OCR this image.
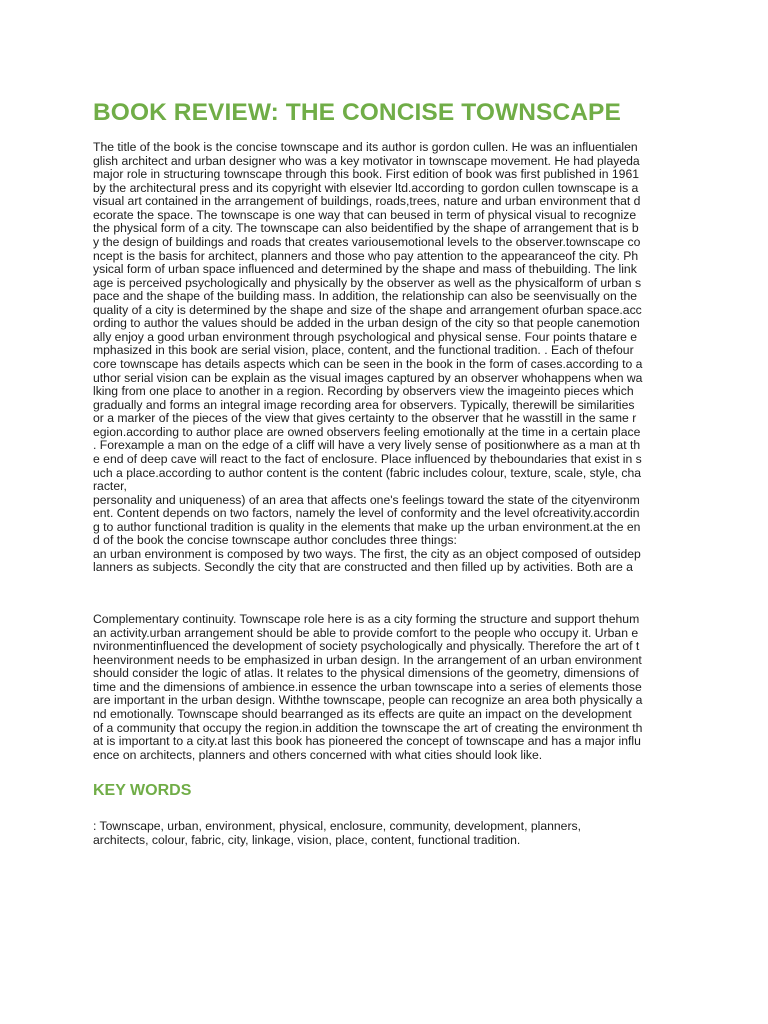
BOOK REVIEW: THE CONCISE TOWNSCAPE
The title of the book is the concise townscape and its author is gordon cullen. He was an influentialen
glish architect and urban designer who was a key motivator in townscape movement. He had playeda
major role in structuring townscape through this book. First edition of book was first published in 1961
by the architectural press and its copyright with elsevier ltd.according to gordon cullen townscape is a
visual art contained in the arrangement of buildings, roads,trees, nature and urban environment that d
ecorate the space. The townscape is one way that can beused in term of physical visual to recognize
the physical form of a city. The townscape can also beidentified by the shape of arrangement that is b
y the design of buildings and roads that creates variousemotional levels to the observer.townscape co
ncept is the basis for architect, planners and those who pay attention to the appearanceof the city. Ph
ysical form of urban space influenced and determined by the shape and mass of thebuilding. The link
age is perceived psychologically and physically by the observer as well as the physicalform of urban s
pace and the shape of the building mass. In addition, the relationship can also be seenvisually on the
quality of a city is determined by the shape and size of the shape and arrangement ofurban space.acc
ording to author the values should be added in the urban design of the city so that people canemotion
ally enjoy a good urban environment through psychological and physical sense. Four points thatare e
mphasized in this book are serial vision, place, content, and the functional tradition. . Each of thefour
core townscape has details aspects which can be seen in the book in the form of cases.according to a
uthor serial vision can be explain as the visual images captured by an observer whohappens when wa
lking from one place to another in a region. Recording by observers view the imageinto pieces which
gradually and forms an integral image recording area for observers. Typically, therewill be similarities
or a marker of the pieces of the view that gives certainty to the observer that he wasstill in the same r
egion.according to author place are owned observers feeling emotionally at the time in a certain place
. Forexample a man on the edge of a cliff will have a very lively sense of positionwhere as a man at th
e end of deep cave will react to the fact of enclosure. Place influenced by theboundaries that exist in s
uch a place.according to author content is the content (fabric includes colour, texture, scale, style, cha
racter,
personality and uniqueness) of an area that affects one's feelings toward the state of the cityenvironm
ent. Content depends on two factors, namely the level of conformity and the level ofcreativity.accordin
g to author functional tradition is quality in the elements that make up the urban environment.at the en
d of the book the concise townscape author concludes three things:
an urban environment is composed by two ways. The first, the city as an object composed of outsidep
lanners as subjects. Secondly the city that are constructed and then filled up by activities. Both are a
Complementary continuity. Townscape role here is as a city forming the structure and support thehum
an activity.urban arrangement should be able to provide comfort to the people who occupy it. Urban e
nvironmentinfluenced the development of society psychologically and physically. Therefore the art of t
heenvironment needs to be emphasized in urban design. In the arrangement of an urban environment
should consider the logic of atlas. It relates to the physical dimensions of the geometry, dimensions of
time and the dimensions of ambience.in essence the urban townscape into a series of elements those
are important in the urban design. Withthe townscape, people can recognize an area both physically a
nd emotionally. Townscape should bearranged as its effects are quite an impact on the development
of a community that occupy the region.in addition the townscape the art of creating the environment th
at is important to a city.at last this book has pioneered the concept of townscape and has a major influ
ence on architects, planners and others concerned with what cities should look like.
KEY WORDS
: Townscape, urban, environment, physical, enclosure, community, development, planners,
architects, colour, fabric, city, linkage, vision, place, content, functional tradition.
